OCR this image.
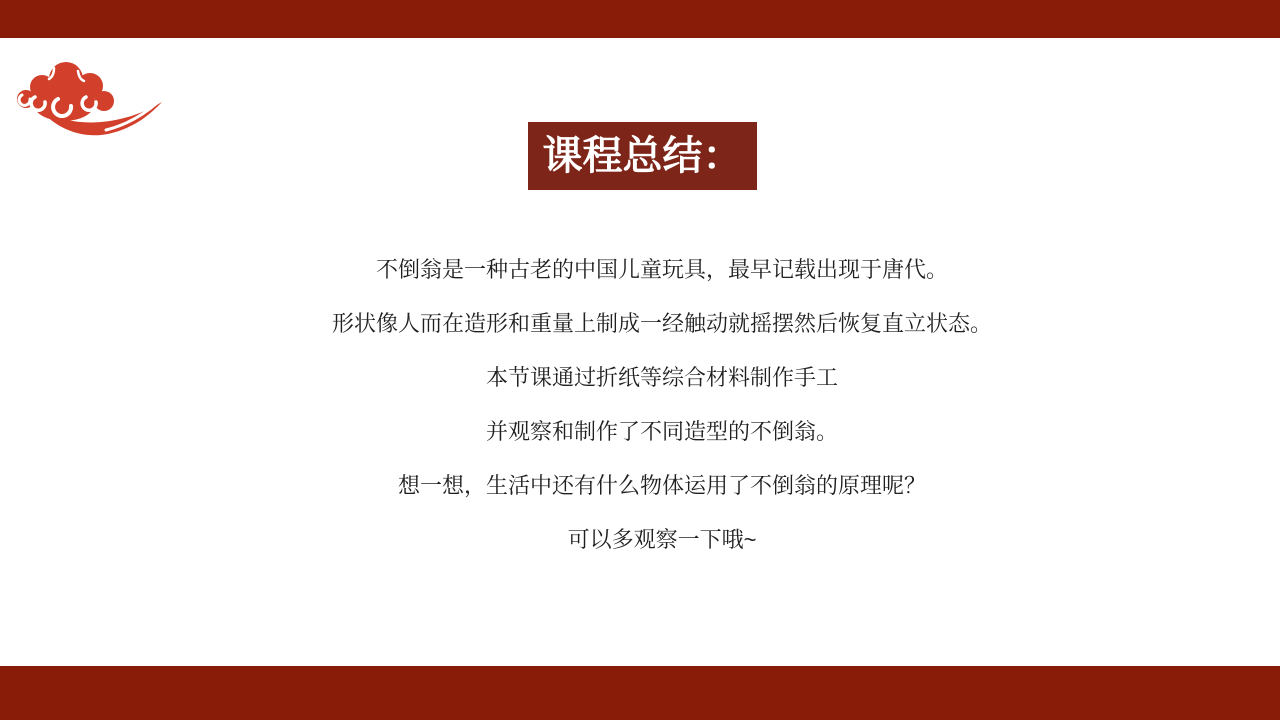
课程总结：
不倒翁是一种古老的中国儿童玩具，最早记载出现于唐代。
形状像人而在造形和重量上制成一经触动就摇摆然后恢复直立状态。
本节课通过折纸等综合材料制作手工
并观察和制作了不同造型的不倒翁。
想一想，生活中还有什么物体运用了不倒翁的原理呢？
可以多观察一下哦~
